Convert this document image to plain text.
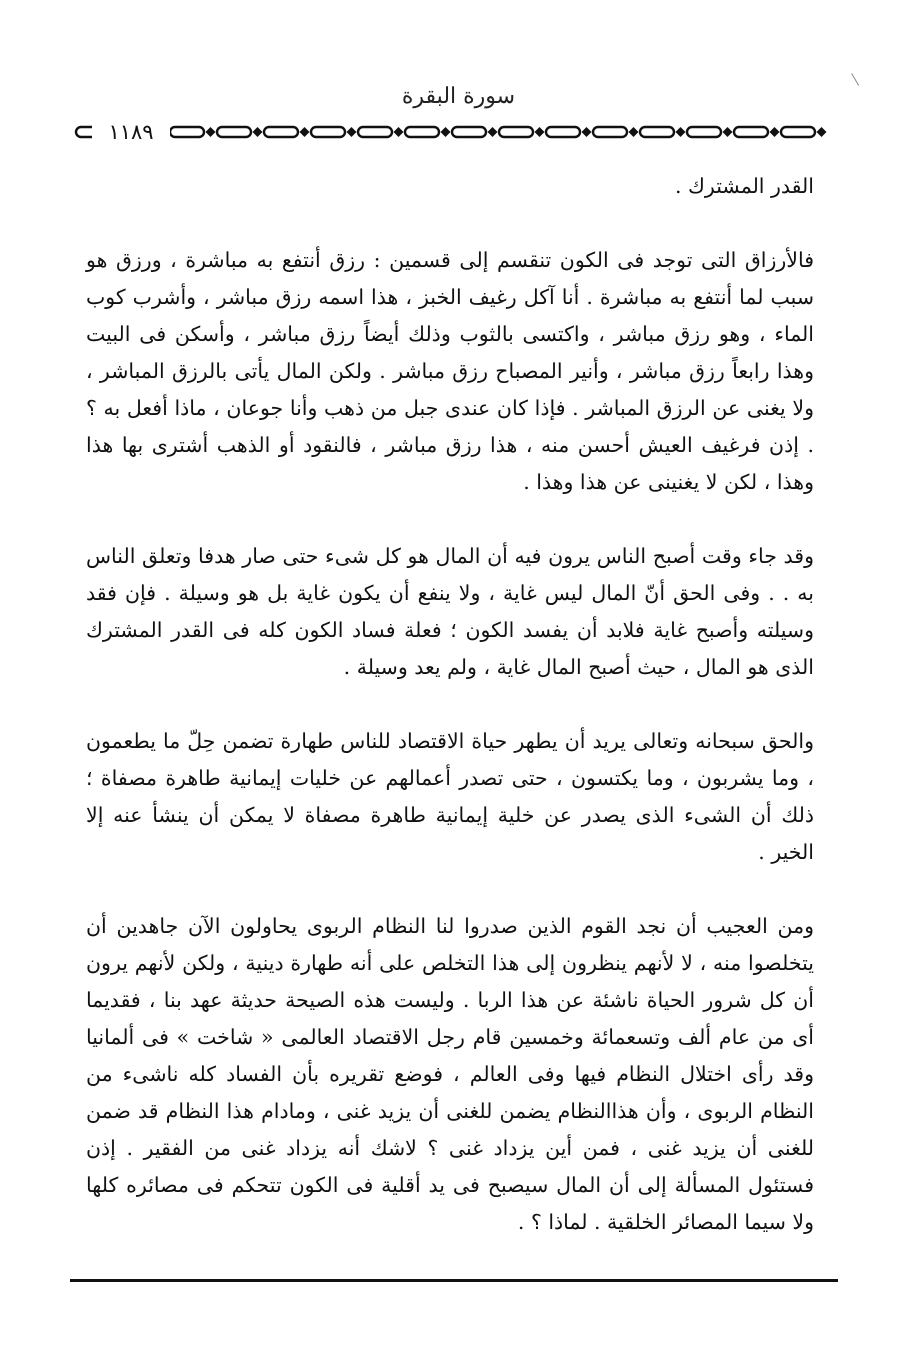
سورة البقرة
١١٨٩

القدر المشترك .

فالأرزاق التى توجد فى الكون تنقسم إلى قسمين : رزق أنتفع به مباشرة ، ورزق هو سبب لما أنتفع به مباشرة . أنا آكل رغيف الخبز ، هذا اسمه رزق مباشر ، وأشرب كوب الماء ، وهو رزق مباشر ، واكتسى بالثوب وذلك أيضاً رزق مباشر ، وأسكن فى البيت وهذا رابعاً رزق مباشر ، وأنير المصباح رزق مباشر . ولكن المال يأتى بالرزق المباشر ، ولا يغنى عن الرزق المباشر . فإذا كان عندى جبل من ذهب وأنا جوعان ، ماذا أفعل به ؟ . إذن فرغيف العيش أحسن منه ، هذا رزق مباشر ، فالنقود أو الذهب أشترى بها هذا وهذا ، لكن لا يغنينى عن هذا وهذا .

وقد جاء وقت أصبح الناس يرون فيه أن المال هو كل شىء حتى صار هدفا وتعلق الناس به . . وفى الحق أنّ المال ليس غاية ، ولا ينفع أن يكون غاية بل هو وسيلة . فإن فقد وسيلته وأصبح غاية فلابد أن يفسد الكون ؛ فعلة فساد الكون كله فى القدر المشترك الذى هو المال ، حيث أصبح المال غاية ، ولم يعد وسيلة .

والحق سبحانه وتعالى يريد أن يطهر حياة الاقتصاد للناس طهارة تضمن حِلّ ما يطعمون ، وما يشربون ، وما يكتسون ، حتى تصدر أعمالهم عن خليات إيمانية طاهرة مصفاة ؛ ذلك أن الشىء الذى يصدر عن خلية إيمانية طاهرة مصفاة لا يمكن أن ينشأ عنه إلا الخير .

ومن العجيب أن نجد القوم الذين صدروا لنا النظام الربوى يحاولون الآن جاهدين أن يتخلصوا منه ، لا لأنهم ينظرون إلى هذا التخلص على أنه طهارة دينية ، ولكن لأنهم يرون أن كل شرور الحياة ناشئة عن هذا الربا . وليست هذه الصيحة حديثة عهد بنا ، فقديما أى من عام ألف وتسعمائة وخمسين قام رجل الاقتصاد العالمى « شاخت » فى ألمانيا وقد رأى اختلال النظام فيها وفى العالم ، فوضع تقريره بأن الفساد كله ناشىء من النظام الربوى ، وأن هذاالنظام يضمن للغنى أن يزيد غنى ، ومادام هذا النظام قد ضمن للغنى أن يزيد غنى ، فمن أين يزداد غنى ؟ لاشك أنه يزداد غنى من الفقير . إذن فستئول المسألة إلى أن المال سيصبح فى يد أقلية فى الكون تتحكم فى مصائره كلها ولا سيما المصائر الخلقية . لماذا ؟ .
